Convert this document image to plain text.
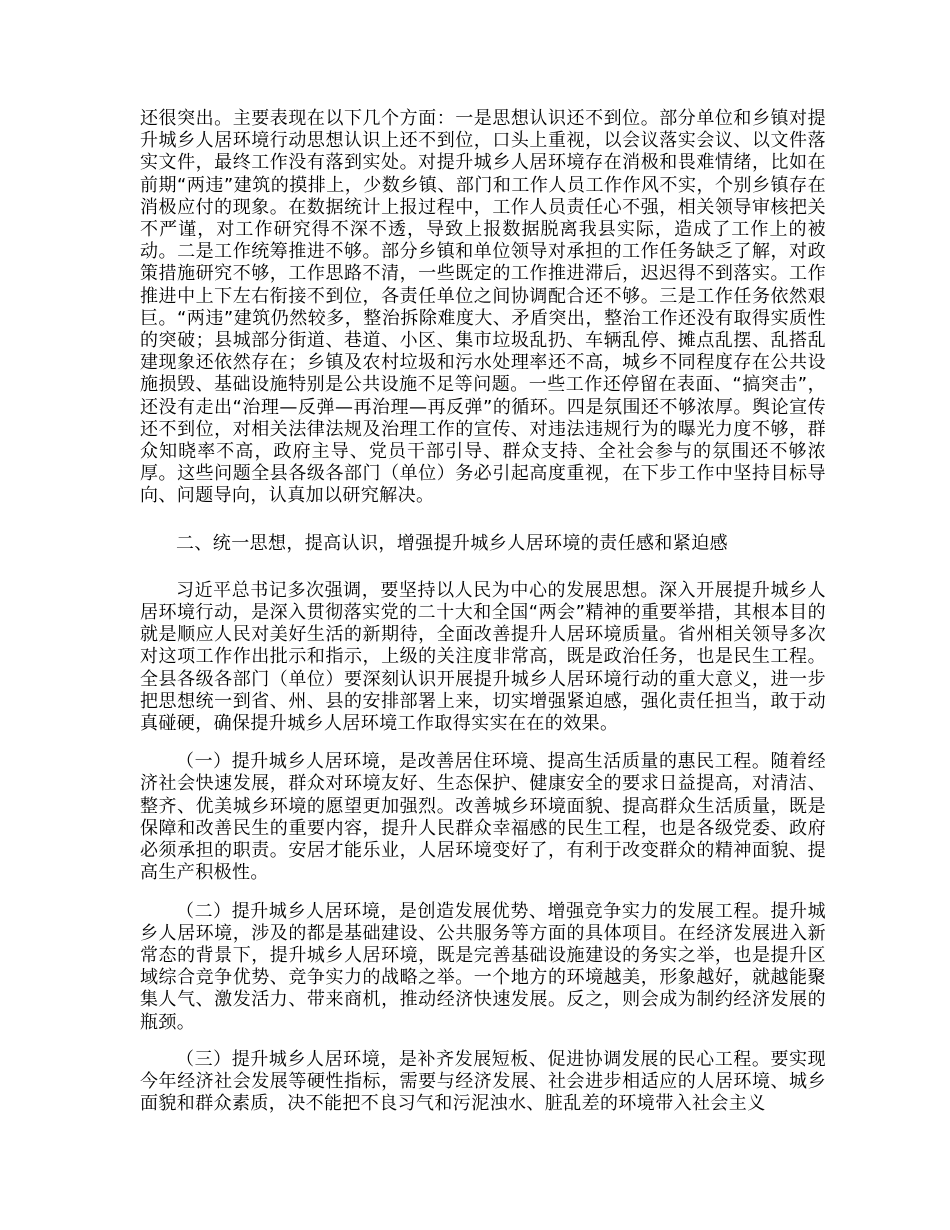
还很突出。主要表现在以下几个方面：一是思想认识还不到位。部分单位和乡镇对提升城乡人居环境行动思想认识上还不到位，口头上重视，以会议落实会议、以文件落实文件，最终工作没有落到实处。对提升城乡人居环境存在消极和畏难情绪，比如在前期“两违”建筑的摸排上，少数乡镇、部门和工作人员工作作风不实，个别乡镇存在消极应付的现象。在数据统计上报过程中，工作人员责任心不强，相关领导审核把关不严谨，对工作研究得不深不透，导致上报数据脱离我县实际，造成了工作上的被动。二是工作统筹推进不够。部分乡镇和单位领导对承担的工作任务缺乏了解，对政策措施研究不够，工作思路不清，一些既定的工作推进滞后，迟迟得不到落实。工作推进中上下左右衔接不到位，各责任单位之间协调配合还不够。三是工作任务依然艰巨。“两违”建筑仍然较多，整治拆除难度大、矛盾突出，整治工作还没有取得实质性的突破；县城部分街道、巷道、小区、集市垃圾乱扔、车辆乱停、摊点乱摆、乱搭乱建现象还依然存在；乡镇及农村垃圾和污水处理率还不高，城乡不同程度存在公共设施损毁、基础设施特别是公共设施不足等问题。一些工作还停留在表面、“搞突击”，还没有走出“治理—反弹—再治理—再反弹”的循环。四是氛围还不够浓厚。舆论宣传还不到位，对相关法律法规及治理工作的宣传、对违法违规行为的曝光力度不够，群众知晓率不高，政府主导、党员干部引导、群众支持、全社会参与的氛围还不够浓厚。这些问题全县各级各部门（单位）务必引起高度重视，在下步工作中坚持目标导向、问题导向，认真加以研究解决。

二、统一思想，提高认识，增强提升城乡人居环境的责任感和紧迫感

习近平总书记多次强调，要坚持以人民为中心的发展思想。深入开展提升城乡人居环境行动，是深入贯彻落实党的二十大和全国“两会”精神的重要举措，其根本目的就是顺应人民对美好生活的新期待，全面改善提升人居环境质量。省州相关领导多次对这项工作作出批示和指示，上级的关注度非常高，既是政治任务，也是民生工程。全县各级各部门（单位）要深刻认识开展提升城乡人居环境行动的重大意义，进一步把思想统一到省、州、县的安排部署上来，切实增强紧迫感，强化责任担当，敢于动真碰硬，确保提升城乡人居环境工作取得实实在在的效果。

（一）提升城乡人居环境，是改善居住环境、提高生活质量的惠民工程。随着经济社会快速发展，群众对环境友好、生态保护、健康安全的要求日益提高，对清洁、整齐、优美城乡环境的愿望更加强烈。改善城乡环境面貌、提高群众生活质量，既是保障和改善民生的重要内容，提升人民群众幸福感的民生工程，也是各级党委、政府必须承担的职责。安居才能乐业，人居环境变好了，有利于改变群众的精神面貌、提高生产积极性。

（二）提升城乡人居环境，是创造发展优势、增强竞争实力的发展工程。提升城乡人居环境，涉及的都是基础建设、公共服务等方面的具体项目。在经济发展进入新常态的背景下，提升城乡人居环境，既是完善基础设施建设的务实之举，也是提升区域综合竞争优势、竞争实力的战略之举。一个地方的环境越美，形象越好，就越能聚集人气、激发活力、带来商机，推动经济快速发展。反之，则会成为制约经济发展的瓶颈。

（三）提升城乡人居环境，是补齐发展短板、促进协调发展的民心工程。要实现今年经济社会发展等硬性指标，需要与经济发展、社会进步相适应的人居环境、城乡面貌和群众素质，决不能把不良习气和污泥浊水、脏乱差的环境带入社会主义
